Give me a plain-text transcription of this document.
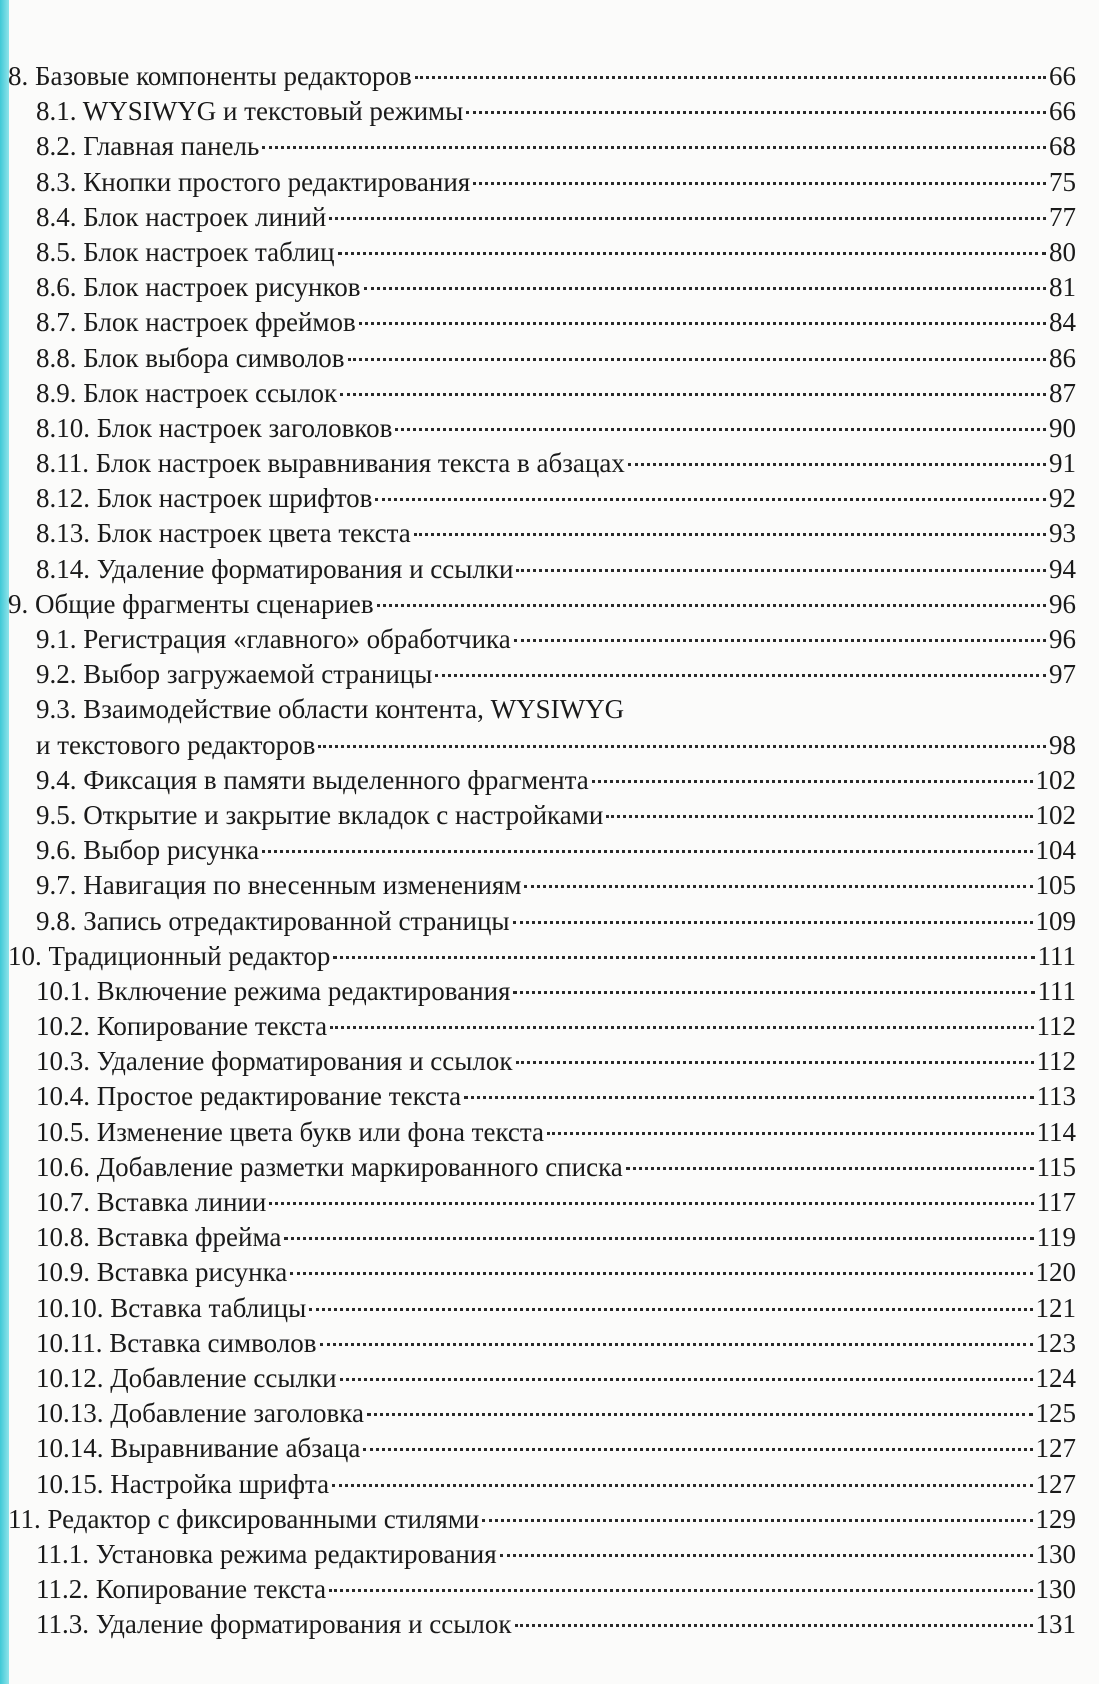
8. Базовые компоненты редакторов	66
8.1. WYSIWYG и текстовый режимы	66
8.2. Главная панель	68
8.3. Кнопки простого редактирования	75
8.4. Блок настроек линий	77
8.5. Блок настроек таблиц	80
8.6. Блок настроек рисунков	81
8.7. Блок настроек фреймов	84
8.8. Блок выбора символов	86
8.9. Блок настроек ссылок	87
8.10. Блок настроек заголовков	90
8.11. Блок настроек выравнивания текста в абзацах	91
8.12. Блок настроек шрифтов	92
8.13. Блок настроек цвета текста	93
8.14. Удаление форматирования и ссылки	94
9. Общие фрагменты сценариев	96
9.1. Регистрация «главного» обработчика	96
9.2. Выбор загружаемой страницы	97
9.3. Взаимодействие области контента, WYSIWYG
и текстового редакторов	98
9.4. Фиксация в памяти выделенного фрагмента	102
9.5. Открытие и закрытие вкладок с настройками	102
9.6. Выбор рисунка	104
9.7. Навигация по внесенным изменениям	105
9.8. Запись отредактированной страницы	109
10. Традиционный редактор	111
10.1. Включение режима редактирования	111
10.2. Копирование текста	112
10.3. Удаление форматирования и ссылок	112
10.4. Простое редактирование текста	113
10.5. Изменение цвета букв или фона текста	114
10.6. Добавление разметки маркированного списка	115
10.7. Вставка линии	117
10.8. Вставка фрейма	119
10.9. Вставка рисунка	120
10.10. Вставка таблицы	121
10.11. Вставка символов	123
10.12. Добавление ссылки	124
10.13. Добавление заголовка	125
10.14. Выравнивание абзаца	127
10.15. Настройка шрифта	127
11. Редактор с фиксированными стилями	129
11.1. Установка режима редактирования	130
11.2. Копирование текста	130
11.3. Удаление форматирования и ссылок	131
